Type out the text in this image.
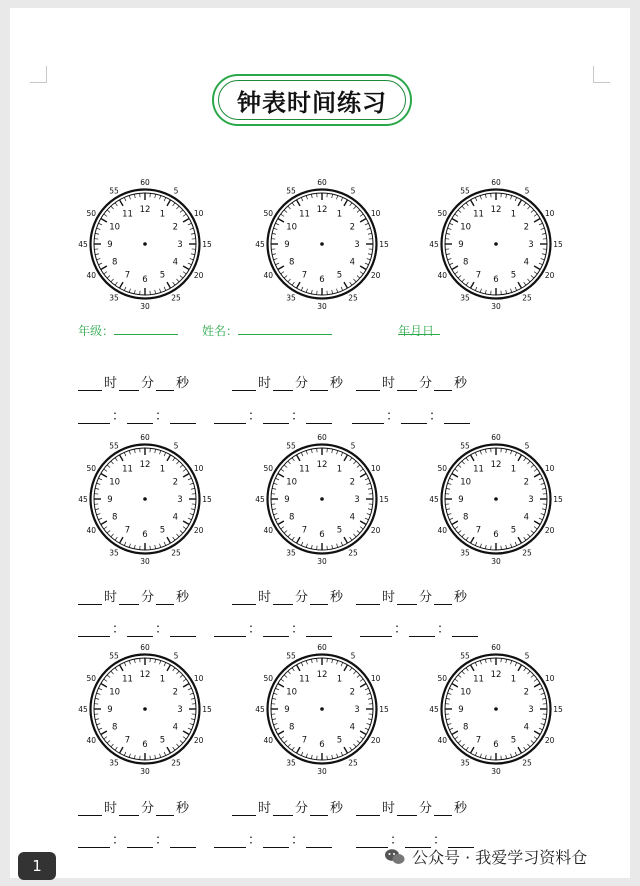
钟表时间练习
12 1
2
3
4
5
6
7
8
9
10
11
60
5
10
15
20
25
30
35
40
45
50
55
12 1
2
3
4
5
6
7
8
9
10
11
60
5
10
15
20
25
30
35
40
45
50
55
12 1
2
3
4
5
6
7
8
9
10
11
60
5
10
15
20
25
30
35
40
45
50
55
年级：	姓名：	年
月
日
时 分 秒	时 分 秒	时 分 秒
： ：	： ：	： ：
12 1
2
3
4
5
6
7
8
9
10
11
60
5
10
15
20
25
30
35
40
45
50
55
12 1
2
3
4
5
6
7
8
9
10
11
60
5
10
15
20
25
30
35
40
45
50
55
12 1
2
3
4
5
6
7
8
9
10
11
60
5
10
15
20
25
30
35
40
45
50
55
时 分 秒	时 分 秒	时 分 秒
： ：	： ：	： ：
12 1
2
3
4
5
6
7
8
9
10
11
60
5
10
15
20
25
30
35
40
45
50
55
12 1
2
3
4
5
6
7
8
9
10
11
60
5
10
15
20
25
30
35
40
45
50
55
12 1
2
3
4
5
6
7
8
9
10
11
60
5
10
15
20
25
30
35
40
45
50
55
时 分 秒	时 分 秒	时 分 秒
： ：	： ：	： ：
1	公众号 · 我爱学习资料仓
